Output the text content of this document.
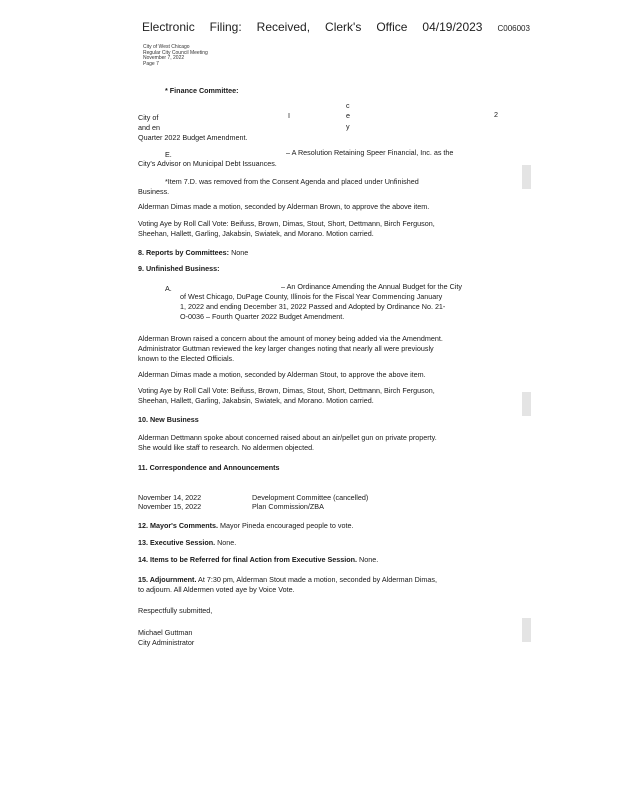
Electronic Filing: Received, Clerk's Office 04/19/2023 C006003
City of West Chicago
Regular City Council Meeting
November 7, 2022
Page 7
* Finance Committee:
c
City of	I	e	2
and en	y
Quarter 2022 Budget Amendment.
E.	– A Resolution Retaining Speer Financial, Inc. as the
City's Advisor on Municipal Debt Issuances.
*Item 7.D. was removed from the Consent Agenda and placed under Unfinished
Business.
Alderman Dimas made a motion, seconded by Alderman Brown, to approve the above item.
Voting Aye by Roll Call Vote: Beifuss, Brown, Dimas, Stout, Short, Dettmann, Birch Ferguson,
Sheehan, Hallett, Garling, Jakabsin, Swiatek, and Morano. Motion carried.
8. Reports by Committees: None
9. Unfinished Business:
A.	– An Ordinance Amending the Annual Budget for the City
of West Chicago, DuPage County, Illinois for the Fiscal Year Commencing January
1, 2022 and ending December 31, 2022 Passed and Adopted by Ordinance No. 21-
O-0036 – Fourth Quarter 2022 Budget Amendment.
Alderman Brown raised a concern about the amount of money being added via the Amendment.
Administrator Guttman reviewed the key larger changes noting that nearly all were previously
known to the Elected Officials.
Alderman Dimas made a motion, seconded by Alderman Stout, to approve the above item.
Voting Aye by Roll Call Vote: Beifuss, Brown, Dimas, Stout, Short, Dettmann, Birch Ferguson,
Sheehan, Hallett, Garling, Jakabsin, Swiatek, and Morano. Motion carried.
10. New Business
Alderman Dettmann spoke about concerned raised about an air/pellet gun on private property.
She would like staff to research. No aldermen objected.
11. Correspondence and Announcements
November 14, 2022	Development Committee (cancelled)
November 15, 2022	Plan Commission/ZBA
12. Mayor's Comments. Mayor Pineda encouraged people to vote.
13. Executive Session. None.
14. Items to be Referred for final Action from Executive Session. None.
15. Adjournment. At 7:30 pm, Alderman Stout made a motion, seconded by Alderman Dimas,
to adjourn. All Aldermen voted aye by Voice Vote.
Respectfully submitted,
Michael Guttman
City Administrator
